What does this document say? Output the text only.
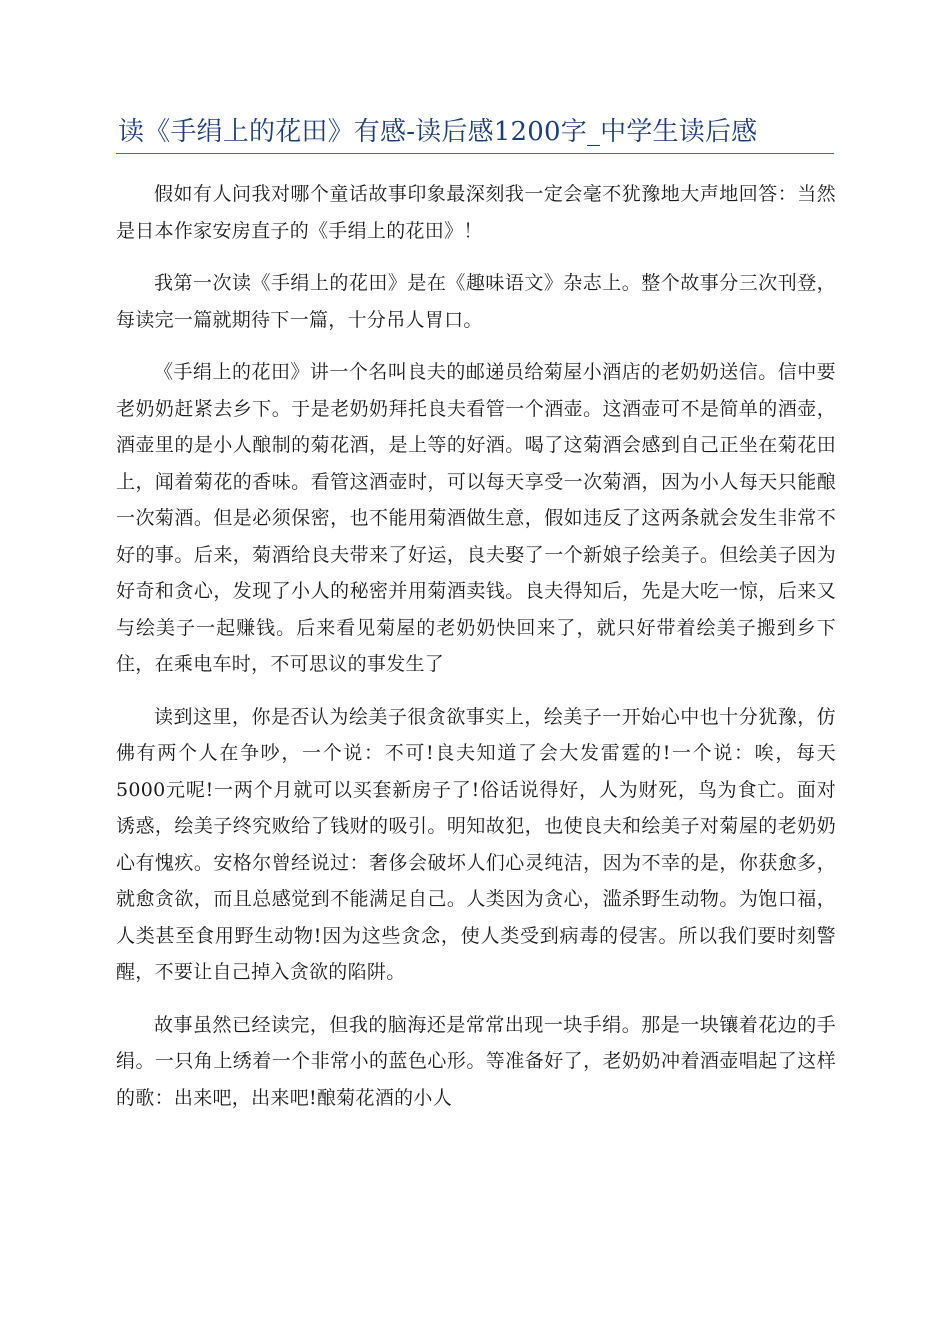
读《手绢上的花田》有感-读后感1200字_中学生读后感

假如有人问我对哪个童话故事印象最深刻我一定会毫不犹豫地大声地回答：当然是日本作家安房直子的《手绢上的花田》！

我第一次读《手绢上的花田》是在《趣味语文》杂志上。整个故事分三次刊登，每读完一篇就期待下一篇，十分吊人胃口。

《手绢上的花田》讲一个名叫良夫的邮递员给菊屋小酒店的老奶奶送信。信中要老奶奶赶紧去乡下。于是老奶奶拜托良夫看管一个酒壶。这酒壶可不是简单的酒壶，酒壶里的是小人酿制的菊花酒，是上等的好酒。喝了这菊酒会感到自己正坐在菊花田上，闻着菊花的香味。看管这酒壶时，可以每天享受一次菊酒，因为小人每天只能酿一次菊酒。但是必须保密，也不能用菊酒做生意，假如违反了这两条就会发生非常不好的事。后来，菊酒给良夫带来了好运，良夫娶了一个新娘子绘美子。但绘美子因为好奇和贪心，发现了小人的秘密并用菊酒卖钱。良夫得知后，先是大吃一惊，后来又与绘美子一起赚钱。后来看见菊屋的老奶奶快回来了，就只好带着绘美子搬到乡下住，在乘电车时，不可思议的事发生了

读到这里，你是否认为绘美子很贪欲事实上，绘美子一开始心中也十分犹豫，仿佛有两个人在争吵，一个说：不可!良夫知道了会大发雷霆的!一个说：唉，每天5000元呢!一两个月就可以买套新房子了!俗话说得好，人为财死，鸟为食亡。面对诱惑，绘美子终究败给了钱财的吸引。明知故犯，也使良夫和绘美子对菊屋的老奶奶心有愧疚。安格尔曾经说过：奢侈会破坏人们心灵纯洁，因为不幸的是，你获愈多，就愈贪欲，而且总感觉到不能满足自己。人类因为贪心，滥杀野生动物。为饱口福，人类甚至食用野生动物!因为这些贪念，使人类受到病毒的侵害。所以我们要时刻警醒，不要让自己掉入贪欲的陷阱。

故事虽然已经读完，但我的脑海还是常常出现一块手绢。那是一块镶着花边的手绢。一只角上绣着一个非常小的蓝色心形。等准备好了，老奶奶冲着酒壶唱起了这样的歌：出来吧，出来吧!酿菊花酒的小人
